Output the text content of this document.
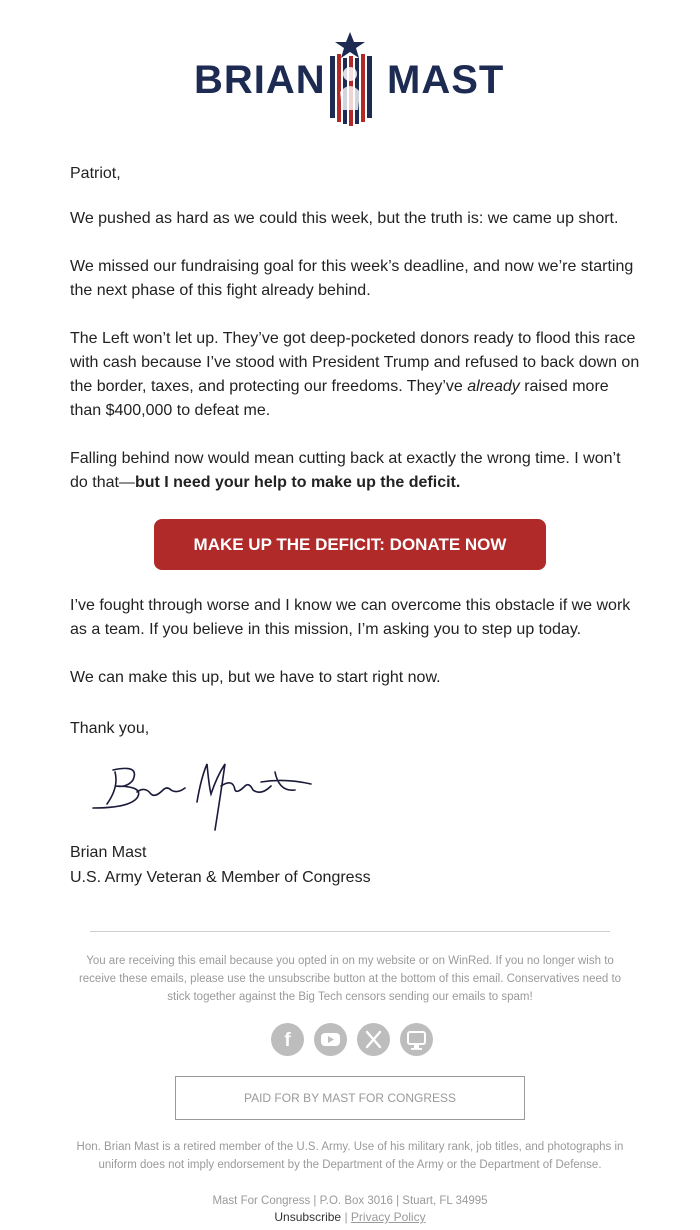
BRIAN MAST

Patriot,

We pushed as hard as we could this week, but the truth is: we came up short.

We missed our fundraising goal for this week’s deadline, and now we’re starting the next phase of this fight already behind.

The Left won’t let up. They’ve got deep-pocketed donors ready to flood this race with cash because I’ve stood with President Trump and refused to back down on the border, taxes, and protecting our freedoms. They’ve already raised more than $400,000 to defeat me.

Falling behind now would mean cutting back at exactly the wrong time. I won’t do that—but I need your help to make up the deficit.

MAKE UP THE DEFICIT: DONATE NOW

I’ve fought through worse and I know we can overcome this obstacle if we work as a team. If you believe in this mission, I’m asking you to step up today.

We can make this up, but we have to start right now.

Thank you,

Brian Mast

U.S. Army Veteran & Member of Congress

You are receiving this email because you opted in on my website or on WinRed. If you no longer wish to receive these emails, please use the unsubscribe button at the bottom of this email. Conservatives need to stick together against the Big Tech censors sending our emails to spam!
f
PAID FOR BY MAST FOR CONGRESS
Hon. Brian Mast is a retired member of the U.S. Army. Use of his military rank, job titles, and photographs in uniform does not imply endorsement by the Department of the Army or the Department of Defense.
Mast For Congress | P.O. Box 3016 | Stuart, FL 34995
Unsubscribe | Privacy Policy
